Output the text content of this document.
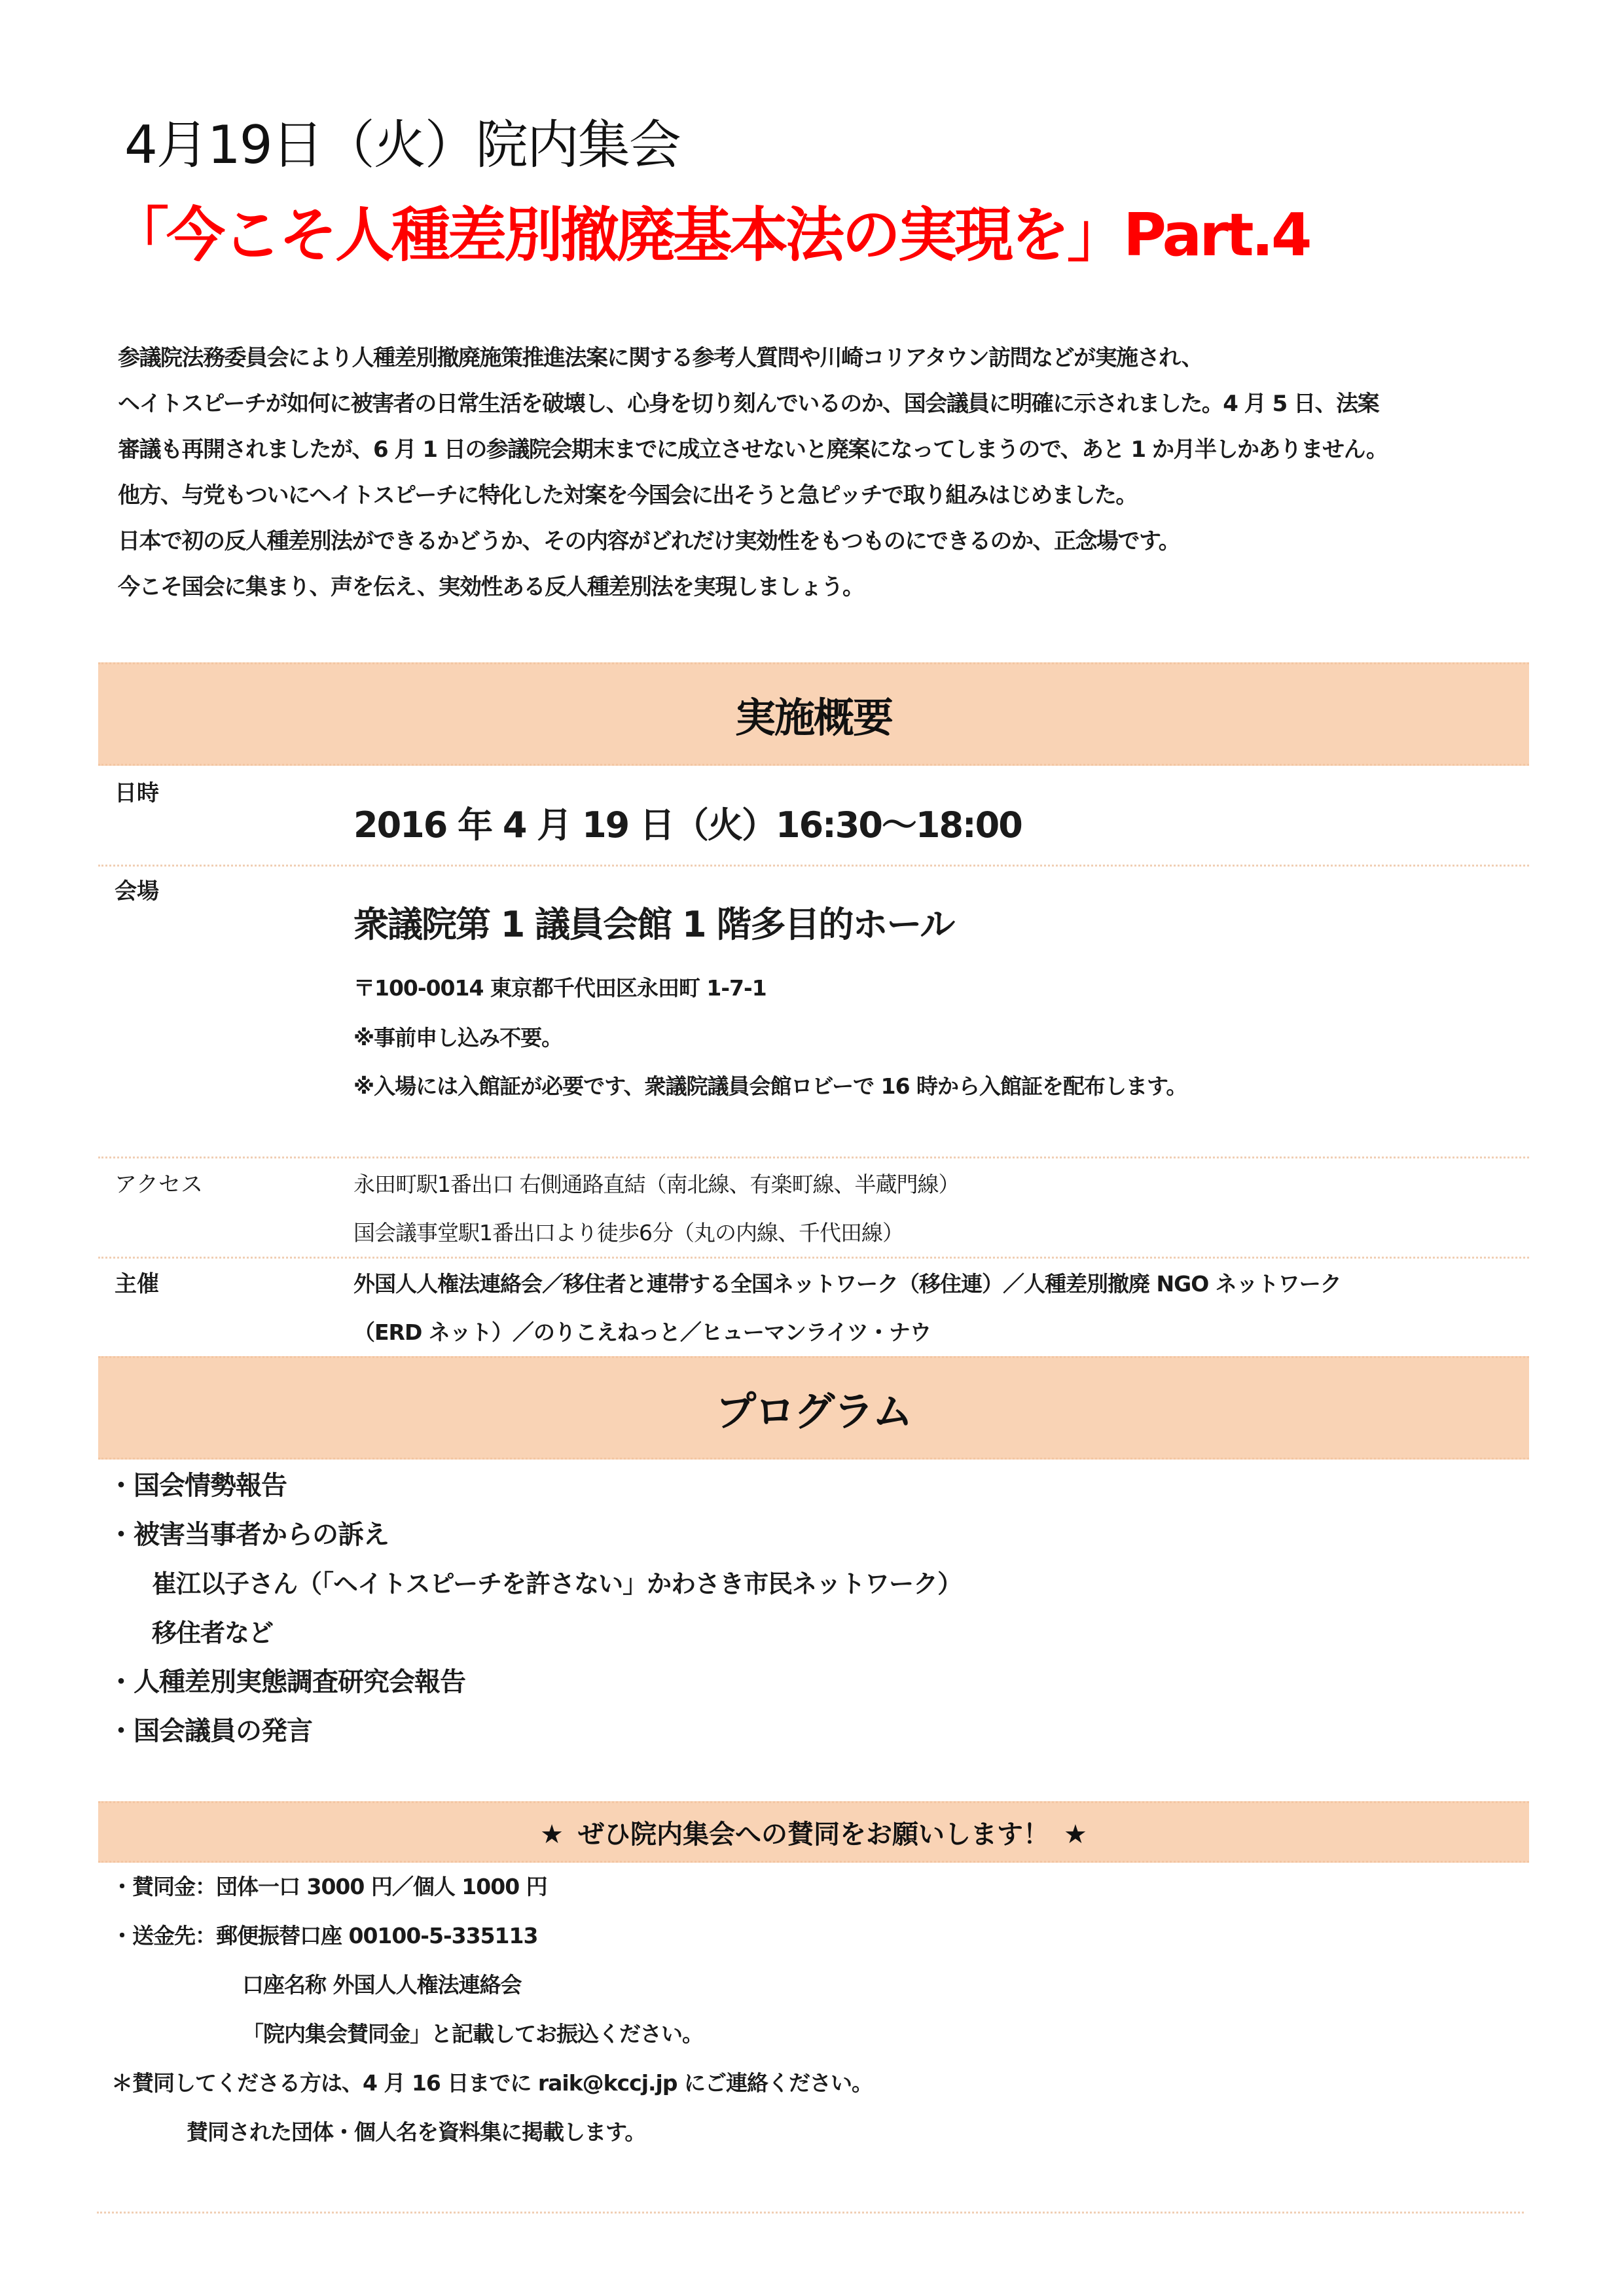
4月19日（火）院内集会
「今こそ人種差別撤廃基本法の実現を」Part.4

参議院法務委員会により人種差別撤廃施策推進法案に関する参考人質問や川崎コリアタウン訪問などが実施され、

ヘイトスピーチが如何に被害者の日常生活を破壊し、心身を切り刻んでいるのか、国会議員に明確に示されました。4 月 5 日、法案

審議も再開されましたが、6 月 1 日の参議院会期末までに成立させないと廃案になってしまうので、あと 1 か月半しかありません。

他方、与党もついにヘイトスピーチに特化した対案を今国会に出そうと急ピッチで取り組みはじめました。

日本で初の反人種差別法ができるかどうか、その内容がどれだけ実効性をもつものにできるのか、正念場です。

今こそ国会に集まり、声を伝え、実効性ある反人種差別法を実現しましょう。

実施概要
日時
2016 年 4 月 19 日（火）16:30～18:00
会場
衆議院第 1 議員会館 1 階多目的ホール
〒100-0014 東京都千代田区永田町 1-7-1
※事前申し込み不要。
※入場には入館証が必要です、衆議院議員会館ロビーで 16 時から入館証を配布します。
アクセス	永田町駅1番出口 右側通路直結（南北線、有楽町線、半蔵門線）
国会議事堂駅1番出口より徒歩6分（丸の内線、千代田線）
主催	外国人人権法連絡会／移住者と連帯する全国ネットワーク（移住連）／人種差別撤廃 NGO ネットワーク
（ERD ネット）／のりこえねっと／ヒューマンライツ・ナウ
プログラム
・国会情勢報告
・被害当事者からの訴え
崔江以子さん（「ヘイトスピーチを許さない」かわさき市民ネットワーク）
移住者など
・人種差別実態調査研究会報告
・国会議員の発言
★ ぜひ院内集会への賛同をお願いします！ ★
・賛同金：団体一口 3000 円／個人 1000 円
・送金先：郵便振替口座 00100-5-335113
口座名称 外国人人権法連絡会
「院内集会賛同金」と記載してお振込ください。
＊賛同してくださる方は、4 月 16 日までに raik@kccj.jp にご連絡ください。
賛同された団体・個人名を資料集に掲載します。
